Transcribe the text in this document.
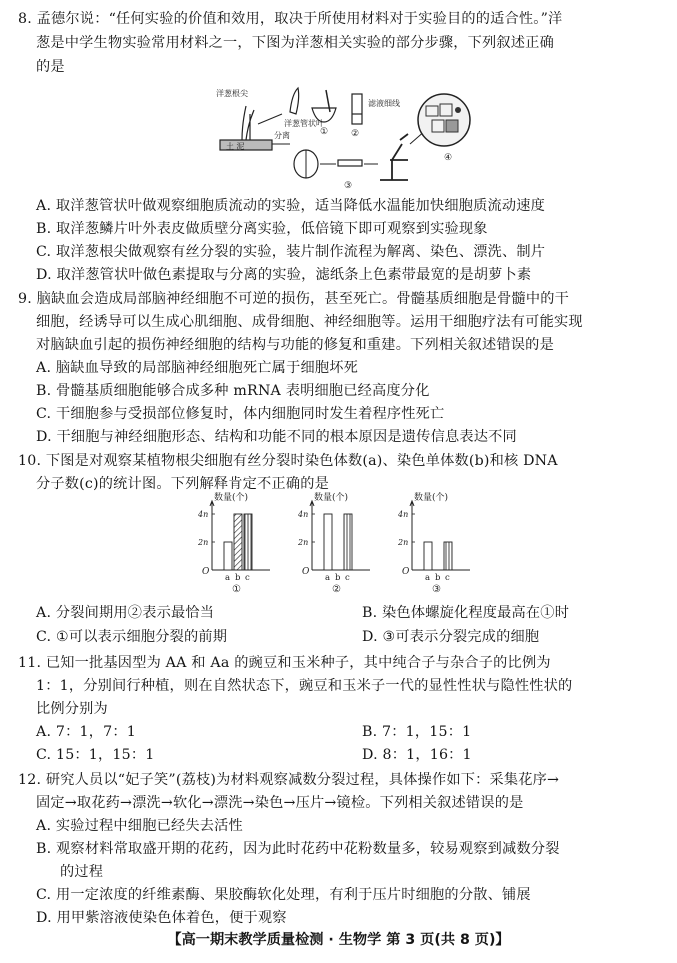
8. 孟德尔说：“任何实验的价值和效用，取决于所使用材料对于实验目的的适合性。”洋
葱是中学生物实验常用材料之一，下图为洋葱相关实验的部分步骤，下列叙述正确
的是
土 泥
洋葱根尖
分离
洋葱管状叶
①	②
滤液细线
③
④
A. 取洋葱管状叶做观察细胞质流动的实验，适当降低水温能加快细胞质流动速度
B. 取洋葱鳞片叶外表皮做质壁分离实验，低倍镜下即可观察到实验现象
C. 取洋葱根尖做观察有丝分裂的实验，装片制作流程为解离、染色、漂洗、制片
D. 取洋葱管状叶做色素提取与分离的实验，滤纸条上色素带最宽的是胡萝卜素
9. 脑缺血会造成局部脑神经细胞不可逆的损伤，甚至死亡。骨髓基质细胞是骨髓中的干
细胞，经诱导可以生成心肌细胞、成骨细胞、神经细胞等。运用干细胞疗法有可能实现
对脑缺血引起的损伤神经细胞的结构与功能的修复和重建。下列相关叙述错误的是
A. 脑缺血导致的局部脑神经细胞死亡属于细胞坏死
B. 骨髓基质细胞能够合成多种 mRNA 表明细胞已经高度分化
C. 干细胞参与受损部位修复时，体内细胞同时发生着程序性死亡
D. 干细胞与神经细胞形态、结构和功能不同的根本原因是遗传信息表达不同
10. 下图是对观察某植物根尖细胞有丝分裂时染色体数(a)、染色单体数(b)和核 DNA
分子数(c)的统计图。下列解释肯定不正确的是
数量(个)
O
4n
2n
a b c
①
数量(个)
O
4n
2n
a b c
②
数量(个)
O
4n
2n
a b c
③
A. 分裂间期用②表示最恰当	B. 染色体螺旋化程度最高在①时
C. ①可以表示细胞分裂的前期	D. ③可表示分裂完成的细胞
11. 已知一批基因型为 AA 和 Aa 的豌豆和玉米种子，其中纯合子与杂合子的比例为
1：1，分别间行种植，则在自然状态下，豌豆和玉米子一代的显性性状与隐性性状的
比例分别为
A. 7：1，7：1	B. 7：1，15：1
C. 15：1，15：1	D. 8：1，16：1
12. 研究人员以“妃子笑”(荔枝)为材料观察减数分裂过程，具体操作如下：采集花序→
固定→取花药→漂洗→软化→漂洗→染色→压片→镜检。下列相关叙述错误的是
A. 实验过程中细胞已经失去活性
B. 观察材料常取盛开期的花药，因为此时花药中花粉数量多，较易观察到减数分裂
的过程
C. 用一定浓度的纤维素酶、果胶酶软化处理，有利于压片时细胞的分散、铺展
D. 用甲紫溶液使染色体着色，便于观察
【高一期末教学质量检测 · 生物学 第 3 页(共 8 页)】
